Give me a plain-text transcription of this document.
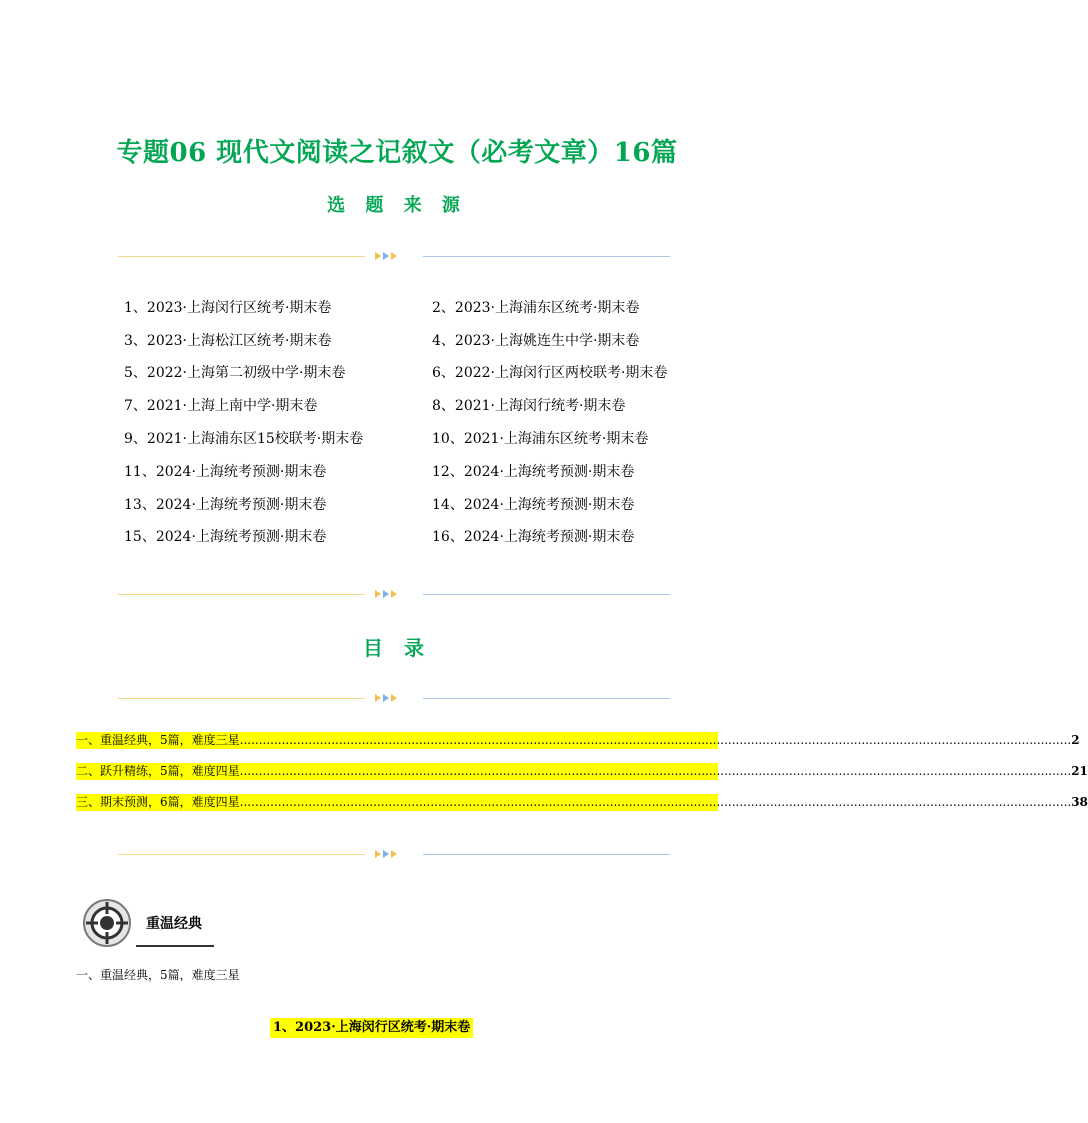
专题06 现代文阅读之记叙文（必考文章）16篇
选 题 来 源
1、2023·上海闵行区统考·期末卷	2、2023·上海浦东区统考·期末卷
3、2023·上海松江区统考·期末卷	4、2023·上海姚连生中学·期末卷
5、2022·上海第二初级中学·期末卷	6、2022·上海闵行区两校联考·期末卷
7、2021·上海上南中学·期末卷	8、2021·上海闵行统考·期末卷
9、2021·上海浦东区15校联考·期末卷	10、2021·上海浦东区统考·期末卷
11、2024·上海统考预测·期末卷	12、2024·上海统考预测·期末卷
13、2024·上海统考预测·期末卷	14、2024·上海统考预测·期末卷
15、2024·上海统考预测·期末卷	16、2024·上海统考预测·期末卷
目 录
一、重温经典，5篇，难度三星 .......................................................................................................................................................................................................................... 2
二、跃升精练，5篇，难度四星 .......................................................................................................................................................................................................................... 21
三、期末预测，6篇，难度四星 .......................................................................................................................................................................................................................... 38
重温经典
一、重温经典，5篇，难度三星
1、2023·上海闵行区统考·期末卷
